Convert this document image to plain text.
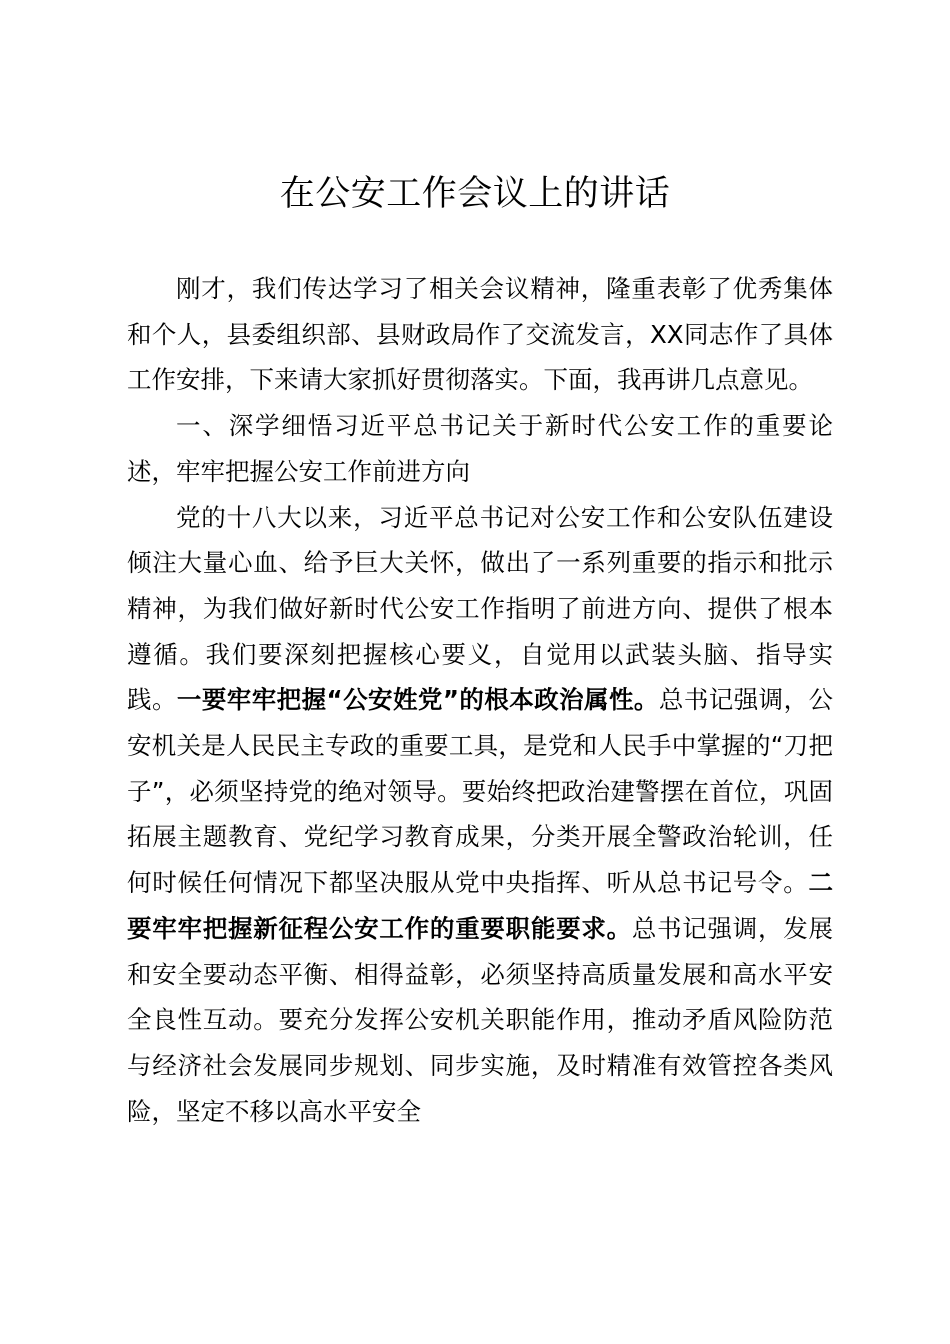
在公安工作会议上的讲话

刚才，我们传达学习了相关会议精神，隆重表彰了优秀集体和个人，县委组织部、县财政局作了交流发言，XX同志作了具体工作安排，下来请大家抓好贯彻落实。下面，我再讲几点意见。

一、深学细悟习近平总书记关于新时代公安工作的重要论述，牢牢把握公安工作前进方向

党的十八大以来，习近平总书记对公安工作和公安队伍建设倾注大量心血、给予巨大关怀，做出了一系列重要的指示和批示精神，为我们做好新时代公安工作指明了前进方向、提供了根本遵循。我们要深刻把握核心要义，自觉用以武装头脑、指导实践。一要牢牢把握“公安姓党”的根本政治属性。总书记强调，公安机关是人民民主专政的重要工具，是党和人民手中掌握的“刀把子”，必须坚持党的绝对领导。要始终把政治建警摆在首位，巩固拓展主题教育、党纪学习教育成果，分类开展全警政治轮训，任何时候任何情况下都坚决服从党中央指挥、听从总书记号令。二要牢牢把握新征程公安工作的重要职能要求。总书记强调，发展和安全要动态平衡、相得益彰，必须坚持高质量发展和高水平安全良性互动。要充分发挥公安机关职能作用，推动矛盾风险防范与经济社会发展同步规划、同步实施，及时精准有效管控各类风险，坚定不移以高水平安全
